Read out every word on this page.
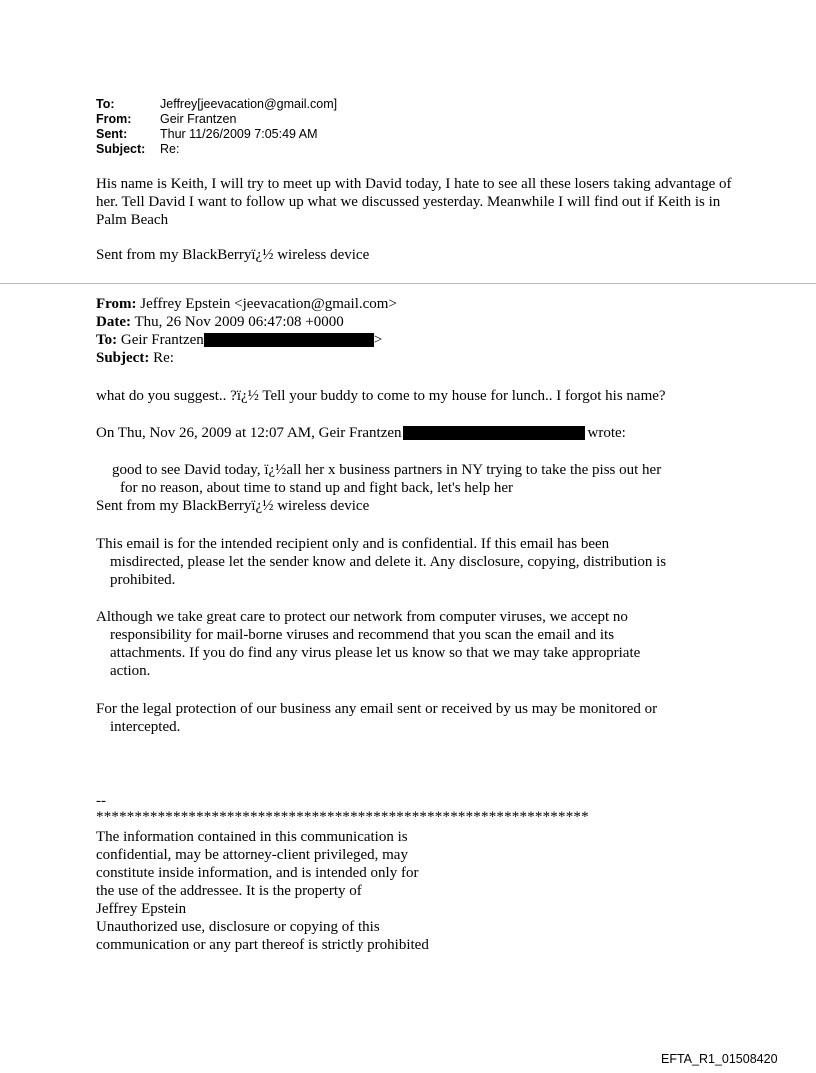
To:	Jeffrey[jeevacation@gmail.com]
From:	Geir Frantzen
Sent:	Thur 11/26/2009 7:05:49 AM
Subject:	Re:
His name is Keith, I will try to meet up with David today, I hate to see all these losers taking advantage of her. Tell David I want to follow up what we discussed yesterday. Meanwhile I will find out if Keith is in Palm Beach
Sent from my BlackBerryï¿½ wireless device
From: Jeffrey Epstein <jeevacation@gmail.com>
Date: Thu, 26 Nov 2009 06:47:08 +0000
To: Geir Frantzen	>
Subject: Re:
what do you suggest.. ?ï¿½ Tell your buddy to come to my house for lunch.. I forgot his name?
On Thu, Nov 26, 2009 at 12:07 AM, Geir Frantzen	wrote:
good to see David today, ï¿½all her x business partners in NY trying to take the piss out her
for no reason, about time to stand up and fight back, let's help her
Sent from my BlackBerryï¿½ wireless device
This email is for the intended recipient only and is confidential. If this email has been
misdirected, please let the sender know and delete it. Any disclosure, copying, distribution is
prohibited.
Although we take great care to protect our network from computer viruses, we accept no
responsibility for mail-borne viruses and recommend that you scan the email and its
attachments. If you do find any virus please let us know so that we may take appropriate
action.
For the legal protection of our business any email sent or received by us may be monitored or
intercepted.
--
****************************************************************
The information contained in this communication is
confidential, may be attorney-client privileged, may
constitute inside information, and is intended only for
the use of the addressee. It is the property of
Jeffrey Epstein
Unauthorized use, disclosure or copying of this
communication or any part thereof is strictly prohibited
EFTA_R1_01508420
